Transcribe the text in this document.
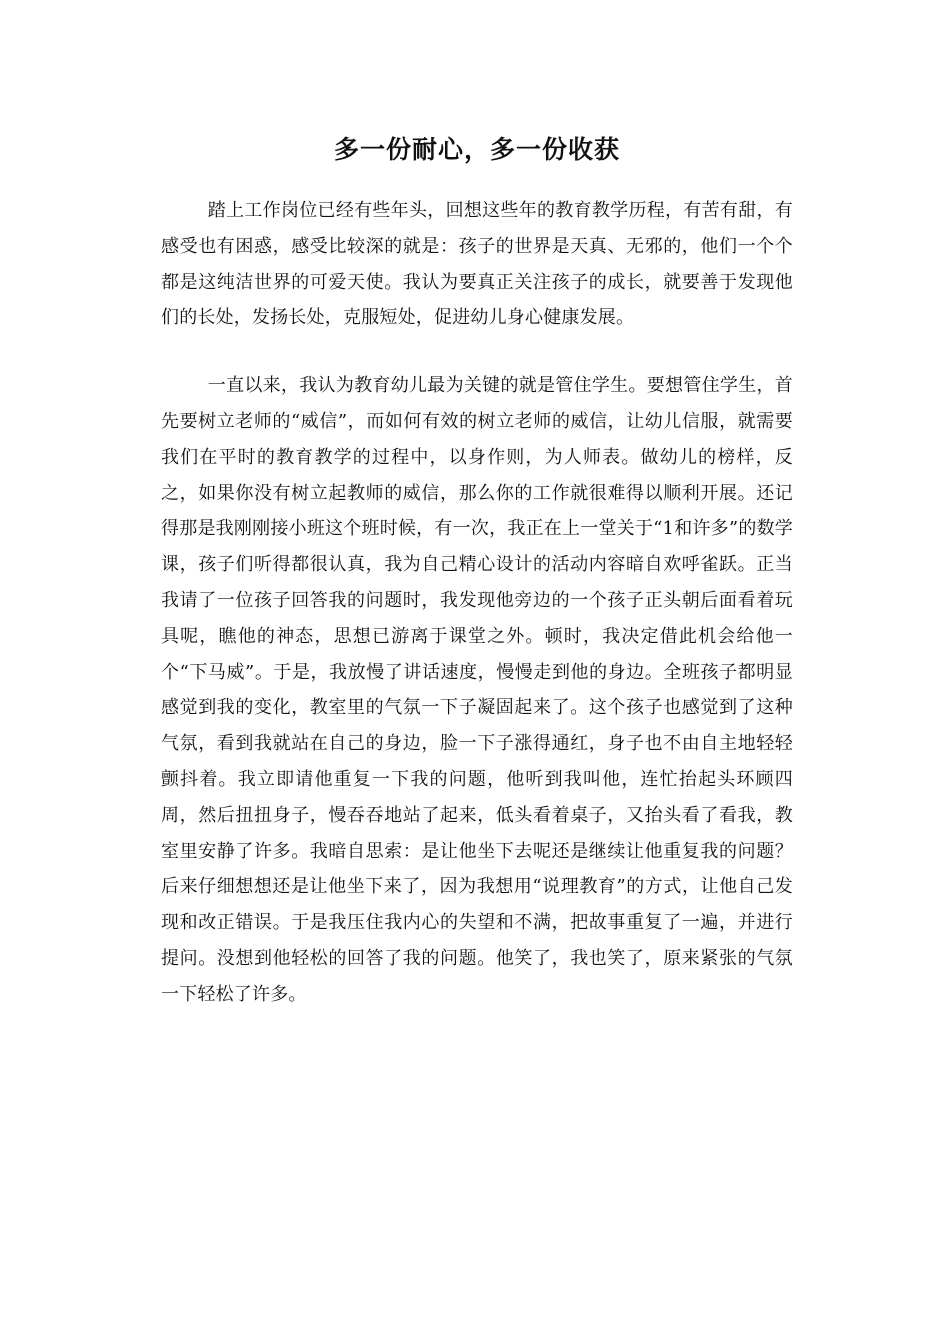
多一份耐心，多一份收获

踏上工作岗位已经有些年头，回想这些年的教育教学历程，有苦有甜，有感受也有困惑，感受比较深的就是：孩子的世界是天真、无邪的，他们一个个都是这纯洁世界的可爱天使。我认为要真正关注孩子的成长，就要善于发现他们的长处，发扬长处，克服短处，促进幼儿身心健康发展。

一直以来，我认为教育幼儿最为关键的就是管住学生。要想管住学生，首先要树立老师的“威信”，而如何有效的树立老师的威信，让幼儿信服，就需要我们在平时的教育教学的过程中，以身作则，为人师表。做幼儿的榜样，反之，如果你没有树立起教师的威信，那么你的工作就很难得以顺利开展。还记得那是我刚刚接小班这个班时候，有一次，我正在上一堂关于“1和许多”的数学课，孩子们听得都很认真，我为自己精心设计的活动内容暗自欢呼雀跃。正当我请了一位孩子回答我的问题时，我发现他旁边的一个孩子正头朝后面看着玩具呢，瞧他的神态，思想已游离于课堂之外。顿时，我决定借此机会给他一个“下马威”。于是，我放慢了讲话速度，慢慢走到他的身边。全班孩子都明显感觉到我的变化，教室里的气氛一下子凝固起来了。这个孩子也感觉到了这种气氛，看到我就站在自己的身边，脸一下子涨得通红，身子也不由自主地轻轻颤抖着。我立即请他重复一下我的问题，他听到我叫他，连忙抬起头环顾四周，然后扭扭身子，慢吞吞地站了起来，低头看着桌子，又抬头看了看我，教室里安静了许多。我暗自思索：是让他坐下去呢还是继续让他重复我的问题？后来仔细想想还是让他坐下来了，因为我想用“说理教育”的方式，让他自己发现和改正错误。于是我压住我内心的失望和不满，把故事重复了一遍，并进行提问。没想到他轻松的回答了我的问题。他笑了，我也笑了，原来紧张的气氛一下轻松了许多。
